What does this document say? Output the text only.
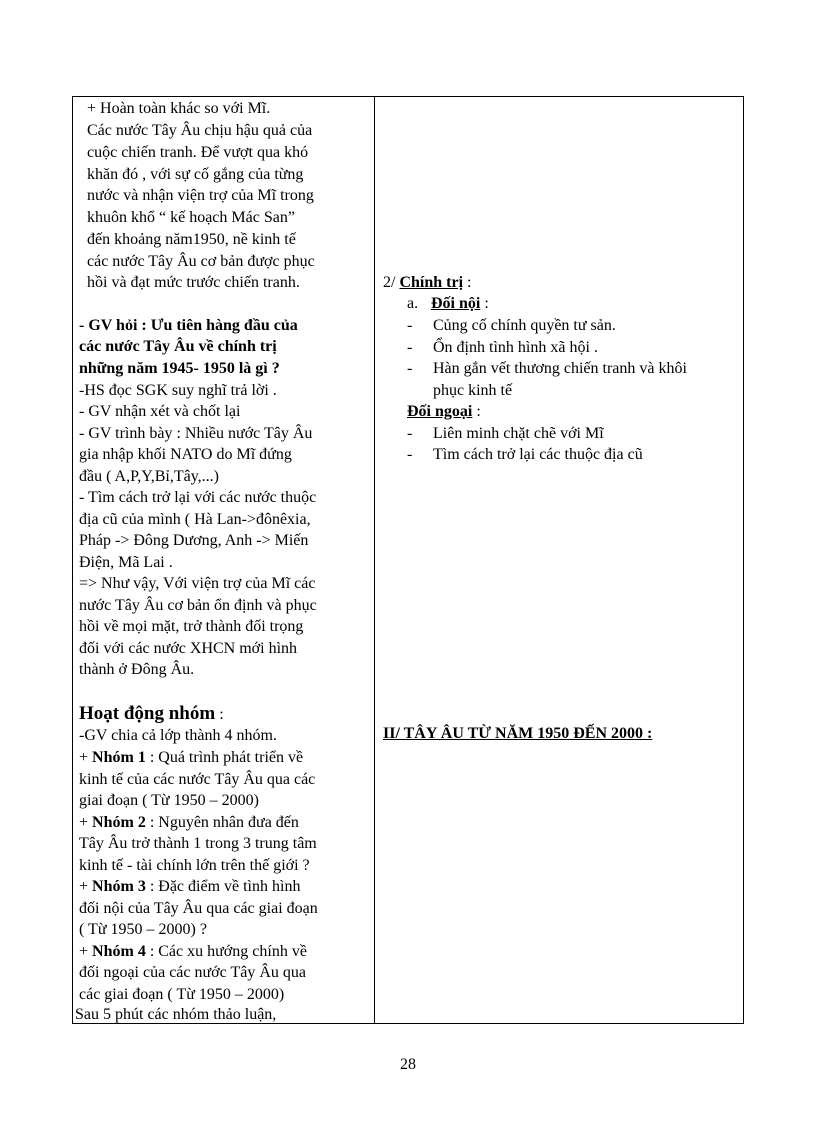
+ Hoàn toàn khác so với Mĩ.
Các nước Tây Âu chịu hậu quả của
cuộc chiến tranh. Để vượt qua khó
khăn đó , với sự cố gắng của từng
nước và nhận viện trợ của Mĩ trong
khuôn khổ “ kế hoạch Mác San”
đến khoảng năm1950, nề kinh tế
các nước Tây Âu cơ bản được phục
hồi và đạt mức trước chiến tranh.
- GV hỏi : Ưu tiên hàng đầu của
các nước Tây Âu về chính trị
những năm 1945- 1950 là gì ?
-HS đọc SGK suy nghĩ trả lời .
- GV nhận xét và chốt lại
- GV trình bày : Nhiều nước Tây Âu
gia nhập khối NATO do Mĩ đứng
đầu ( A,P,Y,Bỉ,Tây,...)
- Tìm cách trở lại với các nước thuộc
địa cũ của mình ( Hà Lan->đônêxia,
Pháp -> Đông Dương, Anh -> Miến
Điện, Mã Lai .
=> Như vậy, Với viện trợ của Mĩ các
nước Tây Âu cơ bản ổn định và phục
hồi về mọi mặt, trở thành đối trọng
đối với các nước XHCN mới hình
thành ở Đông Âu.
Hoạt động nhóm :
-GV chia cả lớp thành 4 nhóm.
+ Nhóm 1 : Quá trình phát triển về
kinh tế của các nước Tây Âu qua các
giai đoạn ( Từ 1950 – 2000)
+ Nhóm 2 : Nguyên nhân đưa đến
Tây Âu trở thành 1 trong 3 trung tâm
kinh tế - tài chính lớn trên thế giới ?
+ Nhóm 3 : Đặc điểm về tình hình
đối nội của Tây Âu qua các giai đoạn
( Từ 1950 – 2000) ?
+ Nhóm 4 : Các xu hướng chính về
đối ngoại của các nước Tây Âu qua
các giai đoạn ( Từ 1950 – 2000)
Sau 5 phút các nhóm thảo luận,
2/ Chính trị :
a. Đối nội :
- Củng cố chính quyền tư sản.
- Ổn định tình hình xã hội .
- Hàn gắn vết thương chiến tranh và khôi
phục kinh tế
Đối ngoại :
- Liên minh chặt chẽ với Mĩ
- Tìm cách trở lại các thuộc địa cũ
II/ TÂY ÂU TỪ NĂM 1950 ĐẾN 2000 :
28
